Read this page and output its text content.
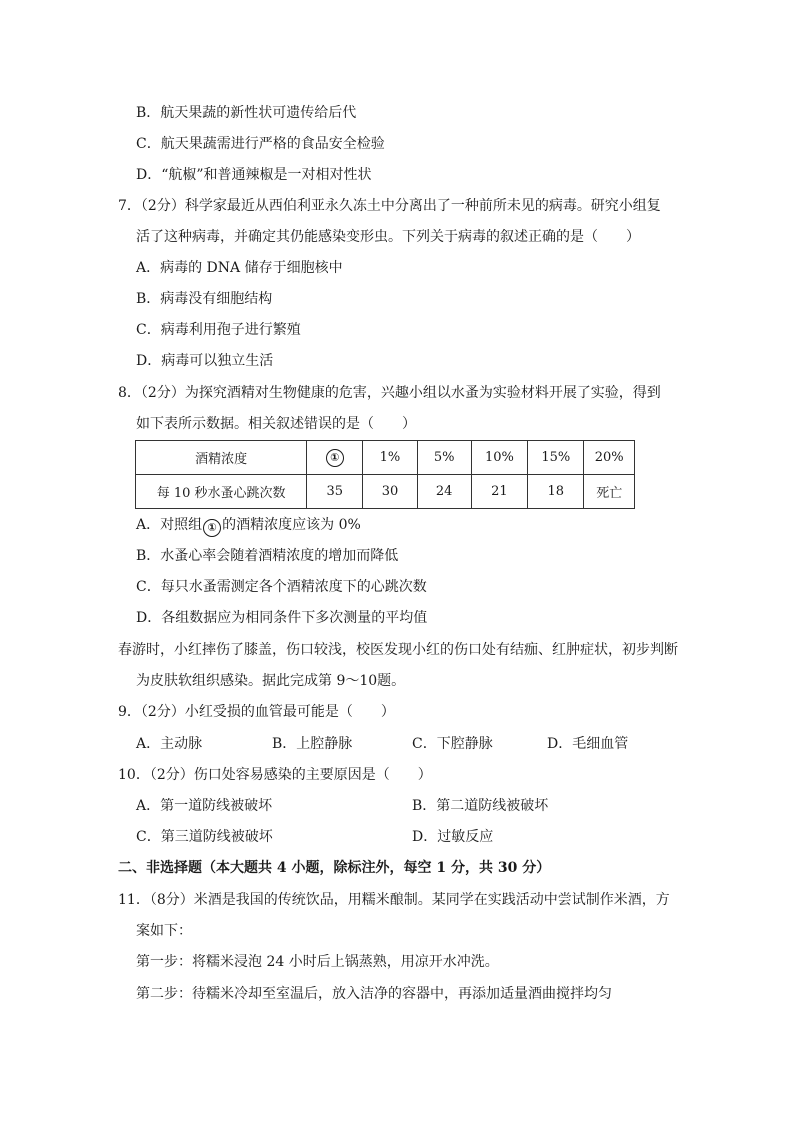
B．航天果蔬的新性状可遗传给后代
C．航天果蔬需进行严格的食品安全检验
D．“航椒”和普通辣椒是一对相对性状
7．（2分）科学家最近从西伯利亚永久冻土中分离出了一种前所未见的病毒。研究小组复
活了这种病毒，并确定其仍能感染变形虫。下列关于病毒的叙述正确的是（　　）
A．病毒的 DNA 储存于细胞核中
B．病毒没有细胞结构
C．病毒利用孢子进行繁殖
D．病毒可以独立生活
8．（2分）为探究酒精对生物健康的危害，兴趣小组以水蚤为实验材料开展了实验，得到
如下表所示数据。相关叙述错误的是（　　）
酒精浓度	①	1%	5%	10%	15%	20%
每 10 秒水蚤心跳次数	35	30	24	21	18	死亡
A．对照组 ① 的酒精浓度应该为 0%
B．水蚤心率会随着酒精浓度的增加而降低
C．每只水蚤需测定各个酒精浓度下的心跳次数
D．各组数据应为相同条件下多次测量的平均值
春游时，小红摔伤了膝盖，伤口较浅，校医发现小红的伤口处有结痂、红肿症状，初步判断
为皮肤软组织感染。据此完成第 9～10题。
9．（2分）小红受损的血管最可能是（　　）
A．主动脉	B．上腔静脉	C．下腔静脉	D．毛细血管
10．（2分）伤口处容易感染的主要原因是（　　）
A．第一道防线被破坏	B．第二道防线被破坏
C．第三道防线被破坏	D．过敏反应
二、非选择题（本大题共 4 小题，除标注外，每空 1 分，共 30 分）
11．（8分）米酒是我国的传统饮品，用糯米酿制。某同学在实践活动中尝试制作米酒，方
案如下：
第一步：将糯米浸泡 24 小时后上锅蒸熟，用凉开水冲洗。
第二步：待糯米冷却至室温后，放入洁净的容器中，再添加适量酒曲搅拌均匀
